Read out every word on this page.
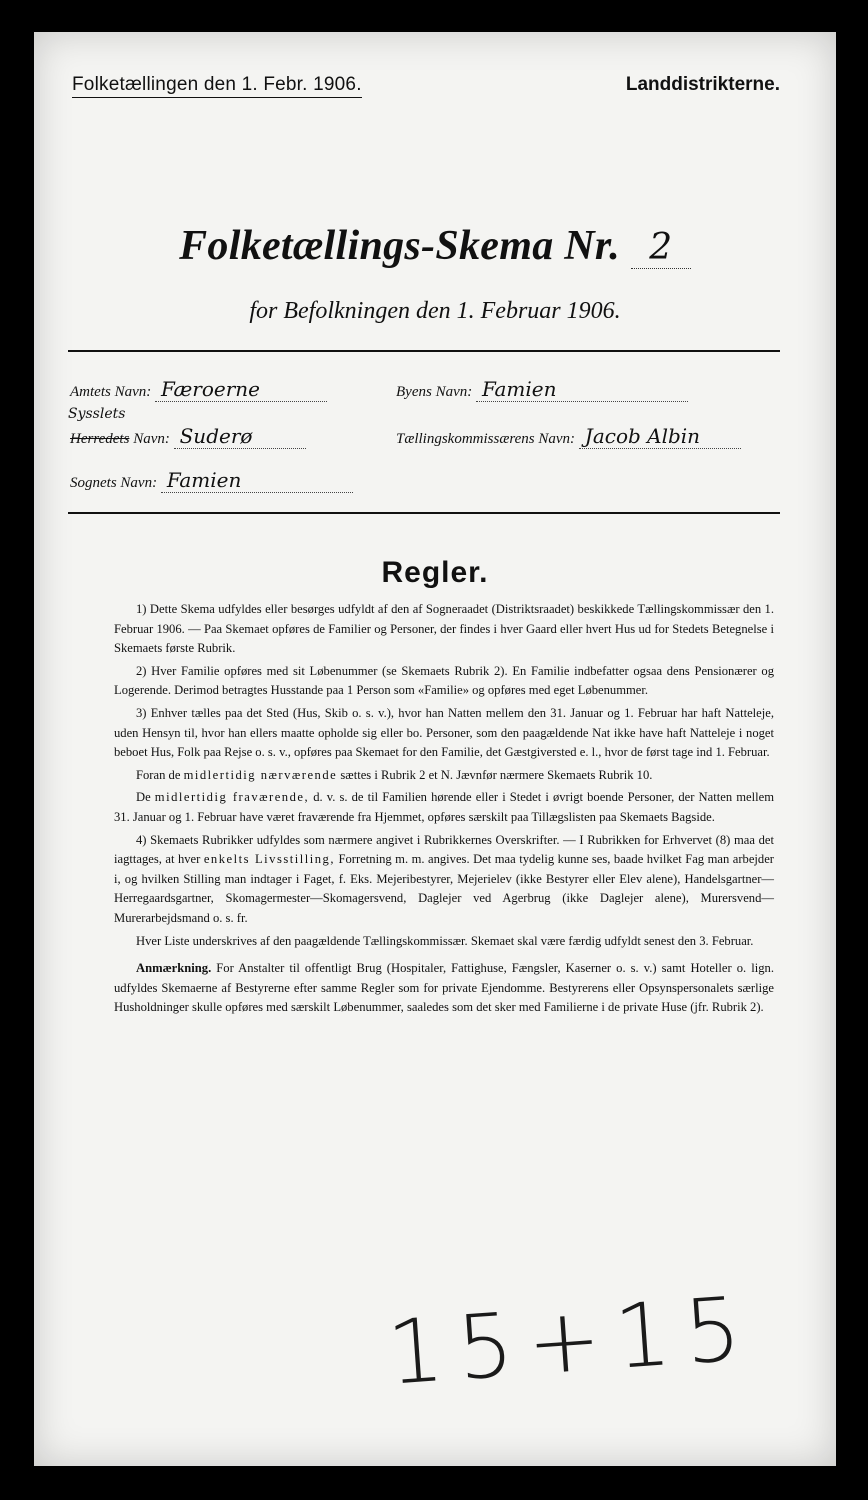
Folketællingen den 1. Febr. 1906.	Landdistrikterne.
Folketællings-Skema Nr. 2
for Befolkningen den 1. Februar 1906.
Amtets Navn: Færoerne	Byens Navn: Famien
Sysslets
Herredets Navn: Suderø	Tællingskommissærens Navn: Jacob Albin
Sognets Navn: Famien
Regler.

1) Dette Skema udfyldes eller besørges udfyldt af den af Sogneraadet (Distriktsraadet) beskikkede Tællingskommissær den 1. Februar 1906. — Paa Skemaet opføres de Familier og Personer, der findes i hver Gaard eller hvert Hus ud for Stedets Betegnelse i Skemaets første Rubrik.

2) Hver Familie opføres med sit Løbenummer (se Skemaets Rubrik 2). En Familie indbefatter ogsaa dens Pensionærer og Logerende. Derimod betragtes Husstande paa 1 Person som «Familie» og opføres med eget Løbenummer.

3) Enhver tælles paa det Sted (Hus, Skib o. s. v.), hvor han Natten mellem den 31. Januar og 1. Februar har haft Natteleje, uden Hensyn til, hvor han ellers maatte opholde sig eller bo. Personer, som den paagældende Nat ikke have haft Natteleje i noget beboet Hus, Folk paa Rejse o. s. v., opføres paa Skemaet for den Familie, det Gæstgiversted e. l., hvor de først tage ind 1. Februar.

Foran de midlertidig nærværende sættes i Rubrik 2 et N. Jævnfør nærmere Skemaets Rubrik 10.

De midlertidig fraværende, d. v. s. de til Familien hørende eller i Stedet i øvrigt boende Personer, der Natten mellem 31. Januar og 1. Februar have været fraværende fra Hjemmet, opføres særskilt paa Tillægslisten paa Skemaets Bagside.

4) Skemaets Rubrikker udfyldes som nærmere angivet i Rubrikkernes Overskrifter. — I Rubrikken for Erhvervet (8) maa det iagttages, at hver enkelts Livsstilling, Forretning m. m. angives. Det maa tydelig kunne ses, baade hvilket Fag man arbejder i, og hvilken Stilling man indtager i Faget, f. Eks. Mejeribestyrer, Mejerielev (ikke Bestyrer eller Elev alene), Handelsgartner—Herregaardsgartner, Skomagermester—Skomagersvend, Daglejer ved Agerbrug (ikke Daglejer alene), Murersvend—Murerarbejdsmand o. s. fr.

Hver Liste underskrives af den paagældende Tællingskommissær. Skemaet skal være færdig udfyldt senest den 3. Februar.

Anmærkning. For Anstalter til offentligt Brug (Hospitaler, Fattighuse, Fængsler, Kaserner o. s. v.) samt Hoteller o. lign. udfyldes Skemaerne af Bestyrerne efter samme Regler som for private Ejendomme. Bestyrerens eller Opsynspersonalets særlige Husholdninger skulle opføres med særskilt Løbenummer, saaledes som det sker med Familierne i de private Huse (jfr. Rubrik 2).

15+15
